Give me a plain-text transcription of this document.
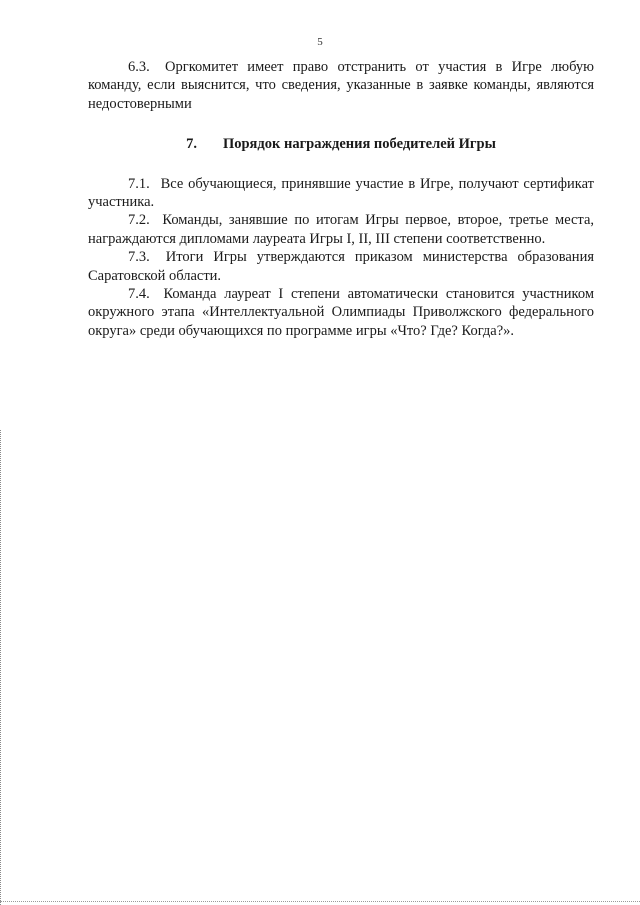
5

6.3. Оргкомитет имеет право отстранить от участия в Игре любую команду, если выяснится, что сведения, указанные в заявке команды, являются недостоверными

7. Порядок награждения победителей Игры

7.1. Все обучающиеся, принявшие участие в Игре, получают сертификат участника.

7.2. Команды, занявшие по итогам Игры первое, второе, третье места, награждаются дипломами лауреата Игры I, II, III степени соответственно.

7.3. Итоги Игры утверждаются приказом министерства образования Саратовской области.

7.4. Команда лауреат I степени автоматически становится участником окружного этапа «Интеллектуальной Олимпиады Приволжского федерального округа» среди обучающихся по программе игры «Что? Где? Когда?».
